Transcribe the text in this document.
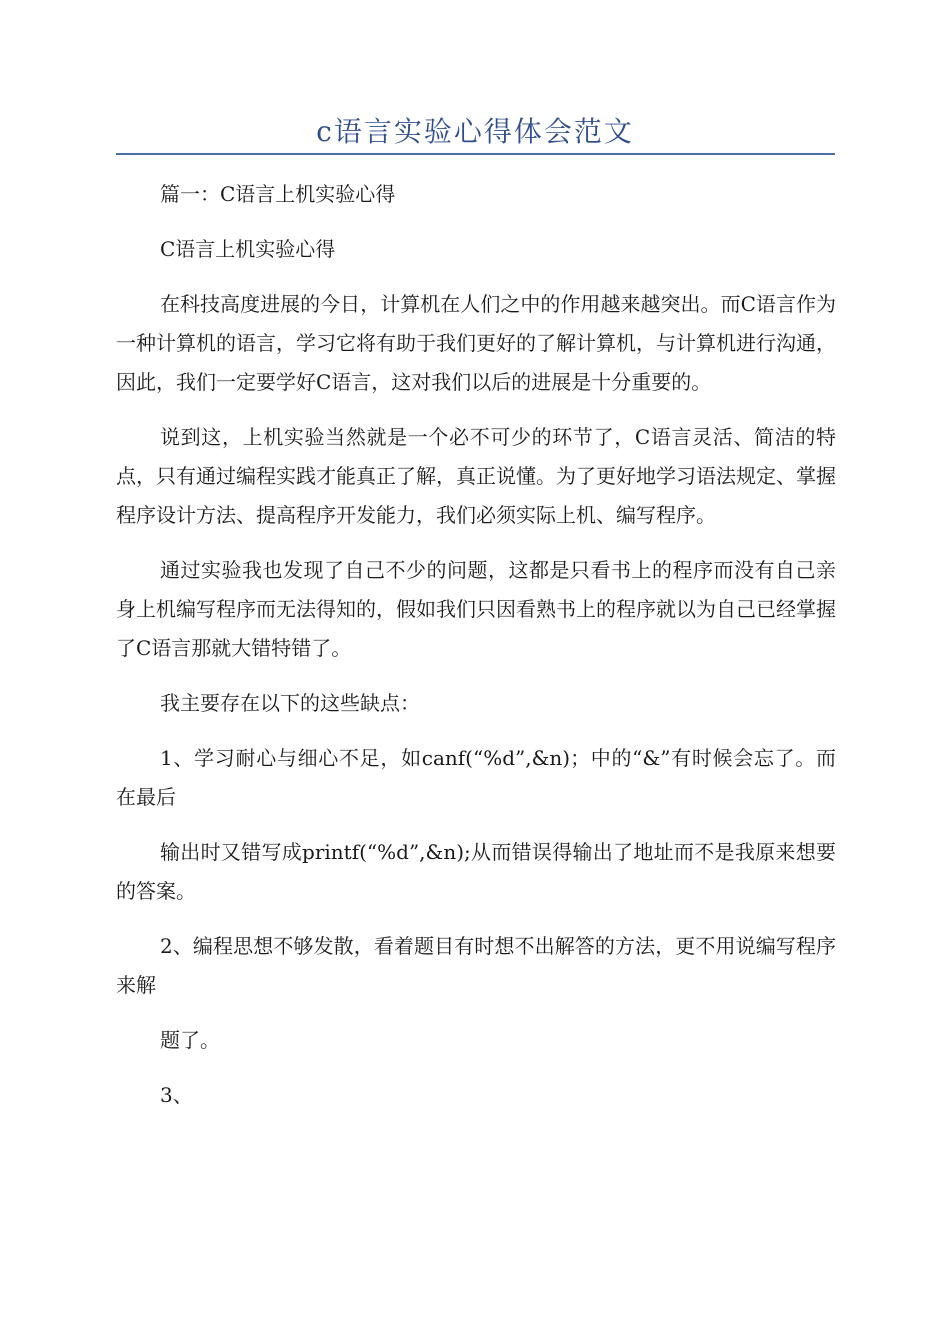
c语言实验心得体会范文

篇一：C语言上机实验心得

C语言上机实验心得

在科技高度进展的今日，计算机在人们之中的作用越来越突出。而C语言作为一种计算机的语言，学习它将有助于我们更好的了解计算机，与计算机进行沟通，因此，我们一定要学好C语言，这对我们以后的进展是十分重要的。

说到这，上机实验当然就是一个必不可少的环节了，C语言灵活、简洁的特点，只有通过编程实践才能真正了解，真正说懂。为了更好地学习语法规定、掌握程序设计方法、提高程序开发能力，我们必须实际上机、编写程序。

通过实验我也发现了自己不少的问题，这都是只看书上的程序而没有自己亲身上机编写程序而无法得知的，假如我们只因看熟书上的程序就以为自己已经掌握了C语言那就大错特错了。

我主要存在以下的这些缺点：

1、学习耐心与细心不足，如canf(“%d”,&n)；中的“&”有时候会忘了。而在最后

输出时又错写成printf(“%d”,&n);从而错误得输出了地址而不是我原来想要的答案。

2、编程思想不够发散，看着题目有时想不出解答的方法，更不用说编写程序来解

题了。

3、
